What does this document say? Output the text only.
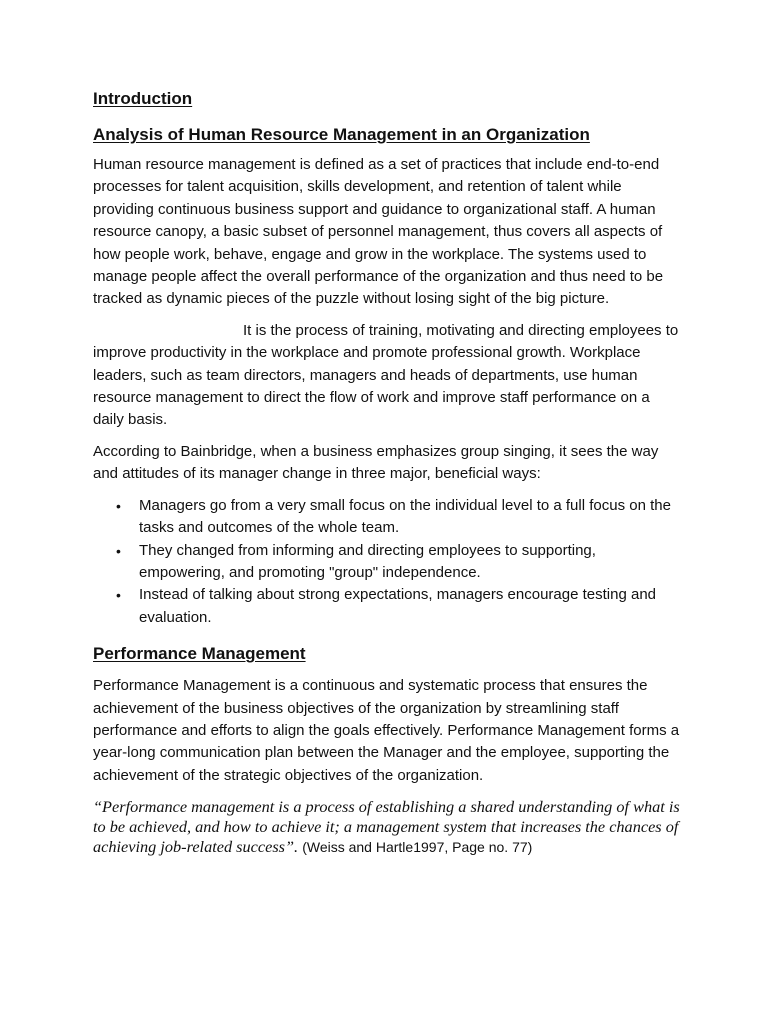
Introduction

Analysis of Human Resource Management in an Organization

Human resource management is defined as a set of practices that include end-to-end processes for talent acquisition, skills development, and retention of talent while providing continuous business support and guidance to organizational staff. A human resource canopy, a basic subset of personnel management, thus covers all aspects of how people work, behave, engage and grow in the workplace. The systems used to manage people affect the overall performance of the organization and thus need to be tracked as dynamic pieces of the puzzle without losing sight of the big picture.

It is the process of training, motivating and directing employees to improve productivity in the workplace and promote professional growth. Workplace leaders, such as team directors, managers and heads of departments, use human resource management to direct the flow of work and improve staff performance on a daily basis.

According to Bainbridge, when a business emphasizes group singing, it sees the way and attitudes of its manager change in three major, beneficial ways:

• Managers go from a very small focus on the individual level to a full focus on the tasks and outcomes of the whole team.
• They changed from informing and directing employees to supporting, empowering, and promoting "group" independence.
• Instead of talking about strong expectations, managers encourage testing and evaluation.

Performance Management

Performance Management is a continuous and systematic process that ensures the achievement of the business objectives of the organization by streamlining staff performance and efforts to align the goals effectively. Performance Management forms a year-long communication plan between the Manager and the employee, supporting the achievement of the strategic objectives of the organization.

“Performance management is a process of establishing a shared understanding of what is to be achieved, and how to achieve it; a management system that increases the chances of achieving job-related success”. (Weiss and Hartle1997, Page no. 77)
